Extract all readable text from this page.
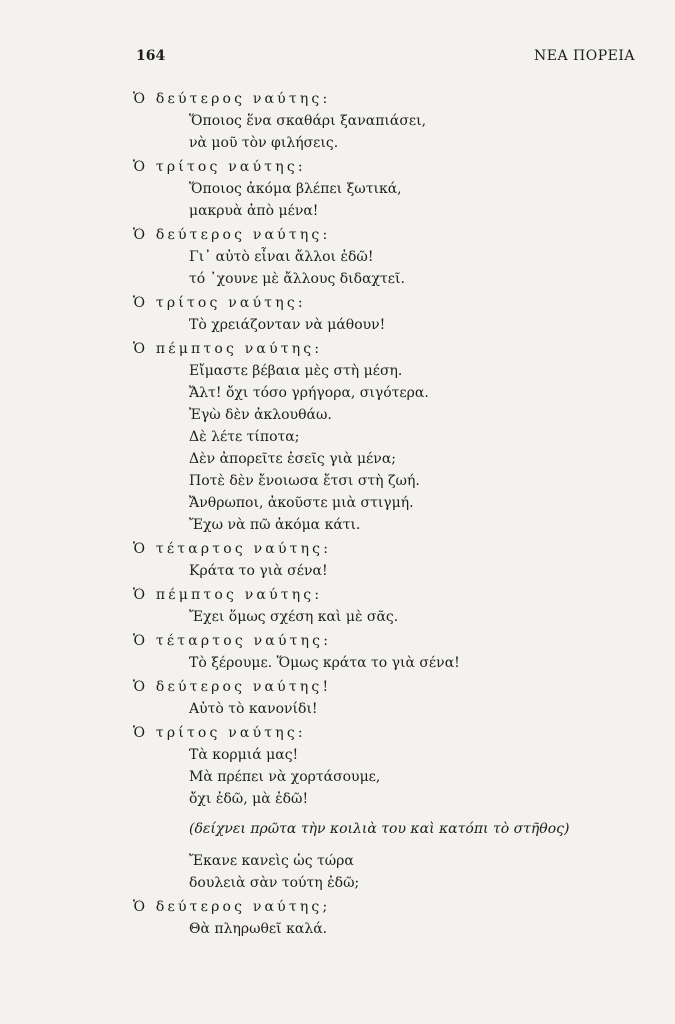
164	ΝΕΑ ΠΟΡΕΙΑ
Ὁ δεύτερος ναύτης:
Ὅποιος ἕνα σκαθάρι ξαναπιάσει,
νὰ μοῦ τὸν φιλήσεις.
Ὁ τρίτος ναύτης:
Ὅποιος ἀκόμα βλέπει ξωτικά,
μακρυὰ ἀπὸ μένα!
Ὁ δεύτερος ναύτης:
Γι᾽ αὐτὸ εἶναι ἄλλοι ἐδῶ!
τό ᾽χουνε μὲ ἄλλους διδαχτεῖ.
Ὁ τρίτος ναύτης:
Τὸ χρειάζονταν νὰ μάθουν!
Ὁ πέμπτος ναύτης:
Εἴμαστε βέβαια μὲς στὴ μέση.
Ἄλτ! ὄχι τόσο γρήγορα, σιγότερα.
Ἐγὼ δὲν ἀκλουθάω.
Δὲ λέτε τίποτα;
Δὲν ἀπορεῖτε ἐσεῖς γιὰ μένα;
Ποτὲ δὲν ἔνοιωσα ἔτσι στὴ ζωή.
Ἄνθρωποι, ἀκοῦστε μιὰ στιγμή.
Ἔχω νὰ πῶ ἀκόμα κάτι.
Ὁ τέταρτος ναύτης:
Κράτα το γιὰ σένα!
Ὁ πέμπτος ναύτης:
Ἔχει ὅμως σχέση καὶ μὲ σᾶς.
Ὁ τέταρτος ναύτης:
Τὸ ξέρουμε. Ὅμως κράτα το γιὰ σένα!
Ὁ δεύτερος ναύτης!
Αὐτὸ τὸ κανονίδι!
Ὁ τρίτος ναύτης:
Τὰ κορμιά μας!
Μὰ πρέπει νὰ χορτάσουμε,
ὄχι ἐδῶ, μὰ ἐδῶ!
(δείχνει πρῶτα τὴν κοιλιὰ του καὶ κατόπι τὸ στῆθος)
Ἔκανε κανεὶς ὡς τώρα
δουλειὰ σὰν τούτη ἐδῶ;
Ὁ δεύτερος ναύτης;
Θὰ πληρωθεῖ καλά.
